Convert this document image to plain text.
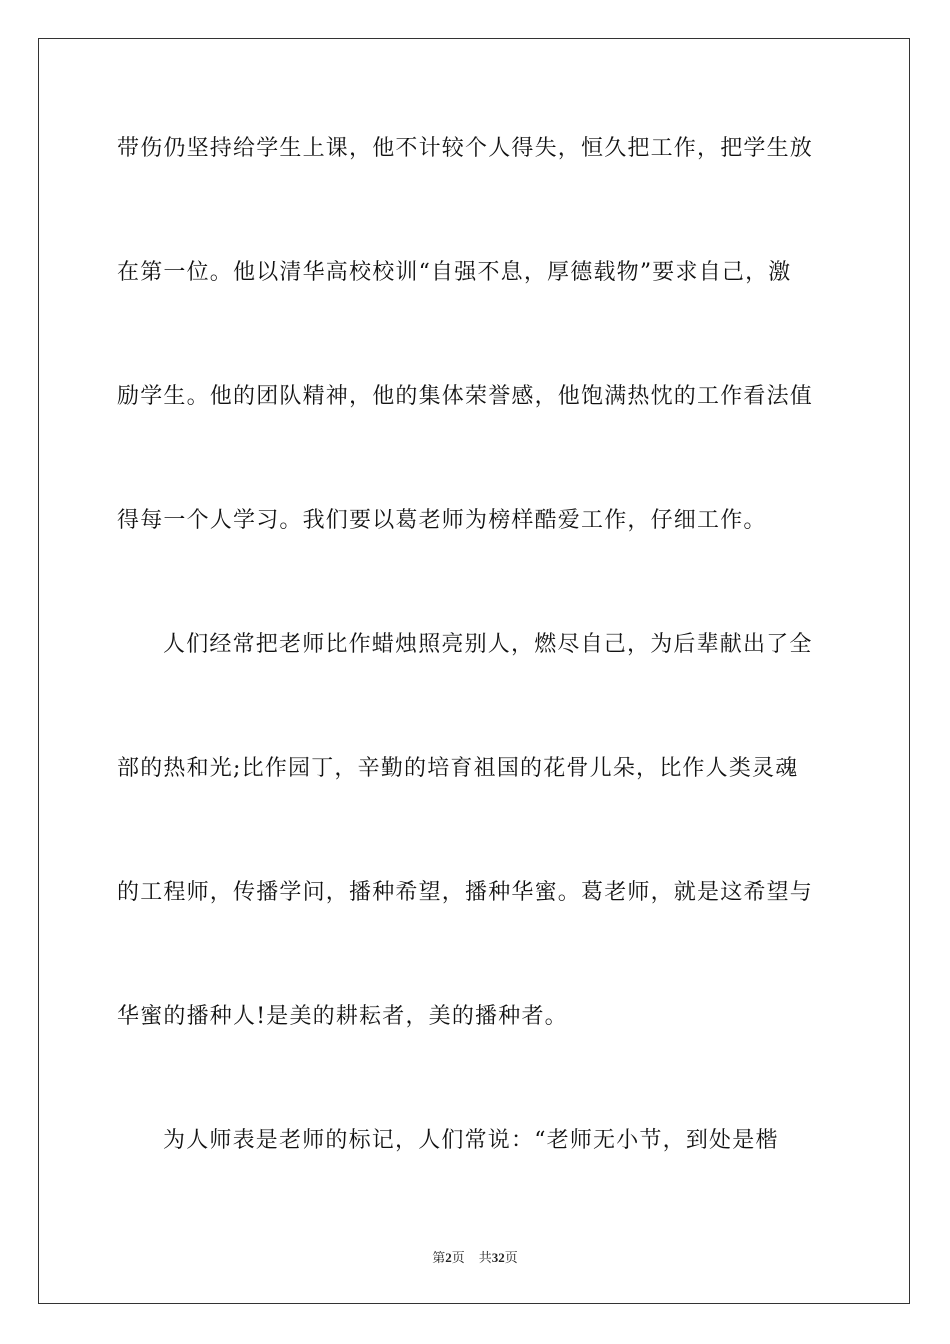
带伤仍坚持给学生上课，他不计较个人得失，恒久把工作，把学生放
在第一位。他以清华高校校训“自强不息，厚德载物”要求自己，激
励学生。他的团队精神，他的集体荣誉感，他饱满热忱的工作看法值
得每一个人学习。我们要以葛老师为榜样酷爱工作，仔细工作。
人们经常把老师比作蜡烛照亮别人，燃尽自己，为后辈献出了全
部的热和光;比作园丁，辛勤的培育祖国的花骨儿朵，比作人类灵魂
的工程师，传播学问，播种希望，播种华蜜。葛老师，就是这希望与
华蜜的播种人!是美的耕耘者，美的播种者。
为人师表是老师的标记，人们常说：“老师无小节，到处是楷
第2页 共32页
